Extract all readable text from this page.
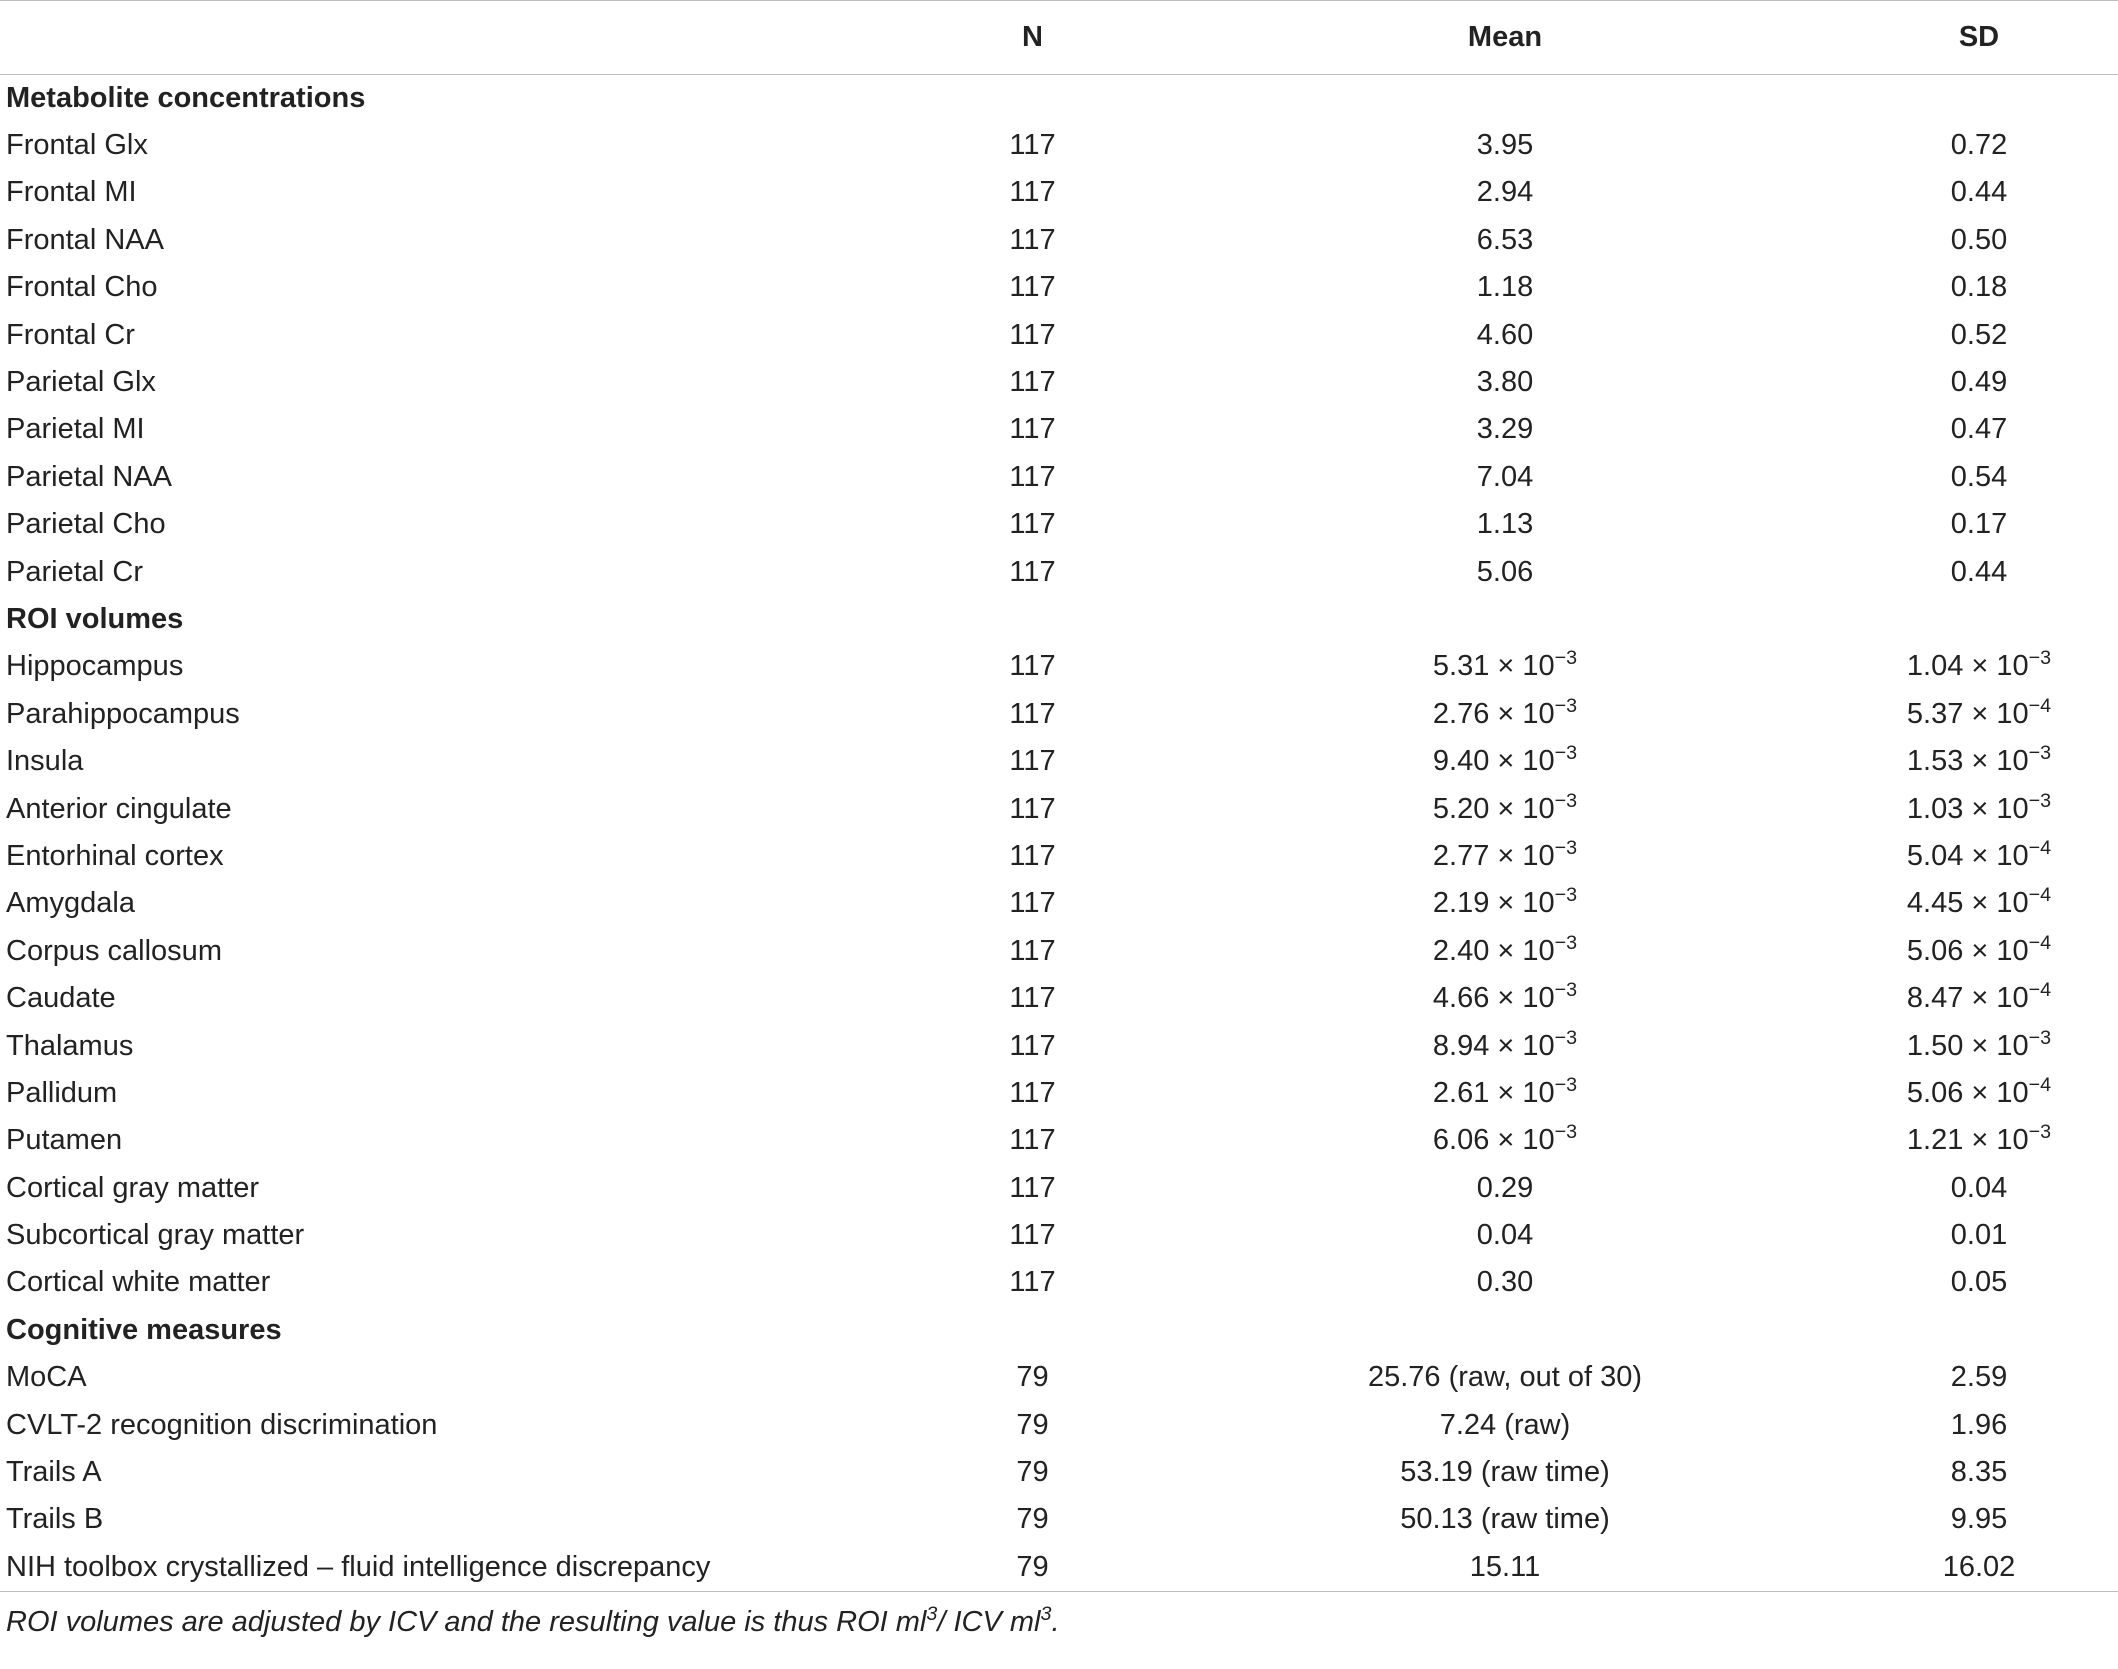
	N	Mean	SD
Metabolite concentrations			
Frontal Glx	117	3.95	0.72
Frontal MI	117	2.94	0.44
Frontal NAA	117	6.53	0.50
Frontal Cho	117	1.18	0.18
Frontal Cr	117	4.60	0.52
Parietal Glx	117	3.80	0.49
Parietal MI	117	3.29	0.47
Parietal NAA	117	7.04	0.54
Parietal Cho	117	1.13	0.17
Parietal Cr	117	5.06	0.44
ROI volumes			
Hippocampus	117	$5.31 \times 10^{-3}$	$1.04 \times 10^{-3}$
Parahippocampus	117	$2.76 \times 10^{-3}$	$5.37 \times 10^{-4}$
Insula	117	$9.40 \times 10^{-3}$	$1.53 \times 10^{-3}$
Anterior cingulate	117	$5.20 \times 10^{-3}$	$1.03 \times 10^{-3}$
Entorhinal cortex	117	$2.77 \times 10^{-3}$	$5.04 \times 10^{-4}$
Amygdala	117	$2.19 \times 10^{-3}$	$4.45 \times 10^{-4}$
Corpus callosum	117	$2.40 \times 10^{-3}$	$5.06 \times 10^{-4}$
Caudate	117	$4.66 \times 10^{-3}$	$8.47 \times 10^{-4}$
Thalamus	117	$8.94 \times 10^{-3}$	$1.50 \times 10^{-3}$
Pallidum	117	$2.61 \times 10^{-3}$	$5.06 \times 10^{-4}$
Putamen	117	$6.06 \times 10^{-3}$	$1.21 \times 10^{-3}$
Cortical gray matter	117	0.29	0.04
Subcortical gray matter	117	0.04	0.01
Cortical white matter	117	0.30	0.05
Cognitive measures			
MoCA	79	25.76 (raw, out of 30)	2.59
CVLT-2 recognition discrimination	79	7.24 (raw)	1.96
Trails A	79	53.19 (raw time)	8.35
Trails B	79	50.13 (raw time)	9.95
NIH toolbox crystallized – fluid intelligence discrepancy	79	15.11	16.02
ROI volumes are adjusted by ICV and the resulting value is thus ROI $ml^3/$ ICV $ml^3$.
